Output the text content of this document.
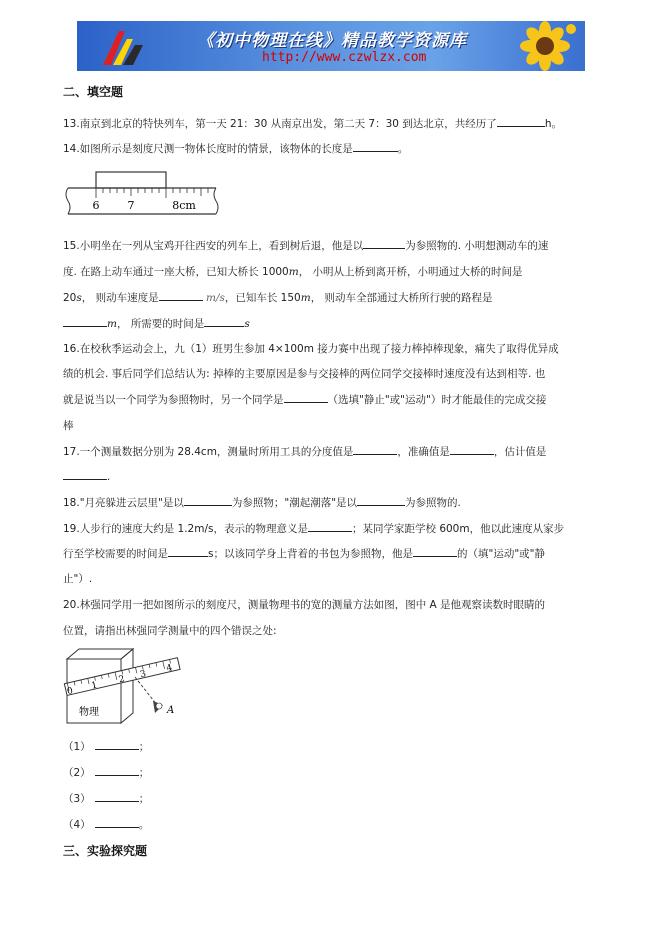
《初中物理在线》精品教学资源库
http://www.czwlzx.com
二、填空题
13.南京到北京的特快列车，第一天 21：30 从南京出发，第二天 7：30 到达北京，共经历了	h。
14.如图所示是刻度尺测一物体长度时的情景，该物体的长度是	。
6	7	8cm
15.小明坐在一列从宝鸡开往西安的列车上，看到树后退，他是以	为参照物的. 小明想测动车的速
度. 在路上动车通过一座大桥，已知大桥长 1000m， 小明从上桥到离开桥，小明通过大桥的时间是
20s， 则动车速度是	m/s，已知车长 150m， 则动车全部通过大桥所行驶的路程是
m， 所需要的时间是	s
16.在校秋季运动会上，九（1）班男生参加 4×100m 接力赛中出现了接力棒掉棒现象，痛失了取得优异成
绩的机会. 事后同学们总结认为: 掉棒的主要原因是参与交接棒的两位同学交接棒时速度没有达到相等. 也
就是说当以一个同学为参照物时，另一个同学是	（选填"静止"或"运动"）时才能最佳的完成交接
棒
17.一个测量数据分别为 28.4cm，测量时所用工具的分度值是	，准确值是	，估计值是
.
18."月亮躲进云层里"是以	为参照物；"潮起潮落"是以	为参照物的.
19.人步行的速度大约是 1.2m/s，表示的物理意义是	；某同学家距学校 600m，他以此速度从家步
行至学校需要的时间是	s；以该同学身上背着的书包为参照物，他是	的（填"运动"或"静
止"）.
20.林强同学用一把如图所示的刻度尺，测量物理书的宽的测量方法如图，图中 A 是他观察读数时眼睛的
位置，请指出林强同学测量中的四个错误之处:
物理
0
1
2 3
4
A
（1）	；
（2）	；
（3）	；
（4）	。
三、实验探究题
